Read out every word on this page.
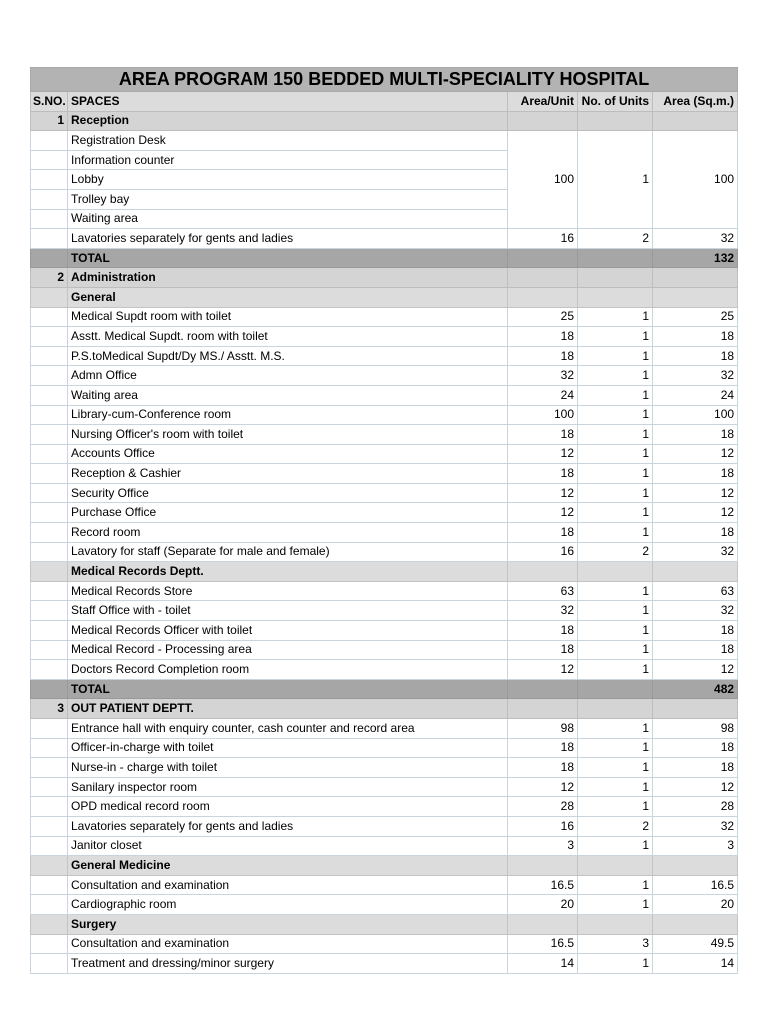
AREA PROGRAM 150 BEDDED MULTI-SPECIALITY HOSPITAL				
S.NO.	SPACES	Area/Unit	No. of Units	Area (Sq.m.)
1	Reception			
	Registration Desk	100	1	100
	Information counter			
	Lobby			
	Trolley bay			
	Waiting area			
	Lavatories separately for gents and ladies	16	2	32
	TOTAL			132
2	Administration			
	General			
	Medical Supdt room with toilet	25	1	25
	Asstt. Medical Supdt. room with toilet	18	1	18
	P.S.toMedical Supdt/Dy MS./ Asstt. M.S.	18	1	18
	Admn Office	32	1	32
	Waiting area	24	1	24
	Library-cum-Conference room	100	1	100
	Nursing Officer's room with toilet	18	1	18
	Accounts Office	12	1	12
	Reception & Cashier	18	1	18
	Security Office	12	1	12
	Purchase Office	12	1	12
	Record room	18	1	18
	Lavatory for staff (Separate for male and female)	16	2	32
	Medical Records Deptt.			
	Medical Records Store	63	1	63
	Staff Office with - toilet	32	1	32
	Medical Records Officer with toilet	18	1	18
	Medical Record - Processing area	18	1	18
	Doctors Record Completion room	12	1	12
	TOTAL			482
3	OUT PATIENT DEPTT.			
	Entrance hall with enquiry counter, cash counter and record area	98	1	98
	Officer-in-charge with toilet	18	1	18
	Nurse-in - charge with toilet	18	1	18
	Sanilary inspector room	12	1	12
	OPD medical record room	28	1	28
	Lavatories separately for gents and ladies	16	2	32
	Janitor closet	3	1	3
	General Medicine			
	Consultation and examination	16.5	1	16.5
	Cardiographic room	20	1	20
	Surgery			
	Consultation and examination	16.5	3	49.5
	Treatment and dressing/minor surgery	14	1	14
